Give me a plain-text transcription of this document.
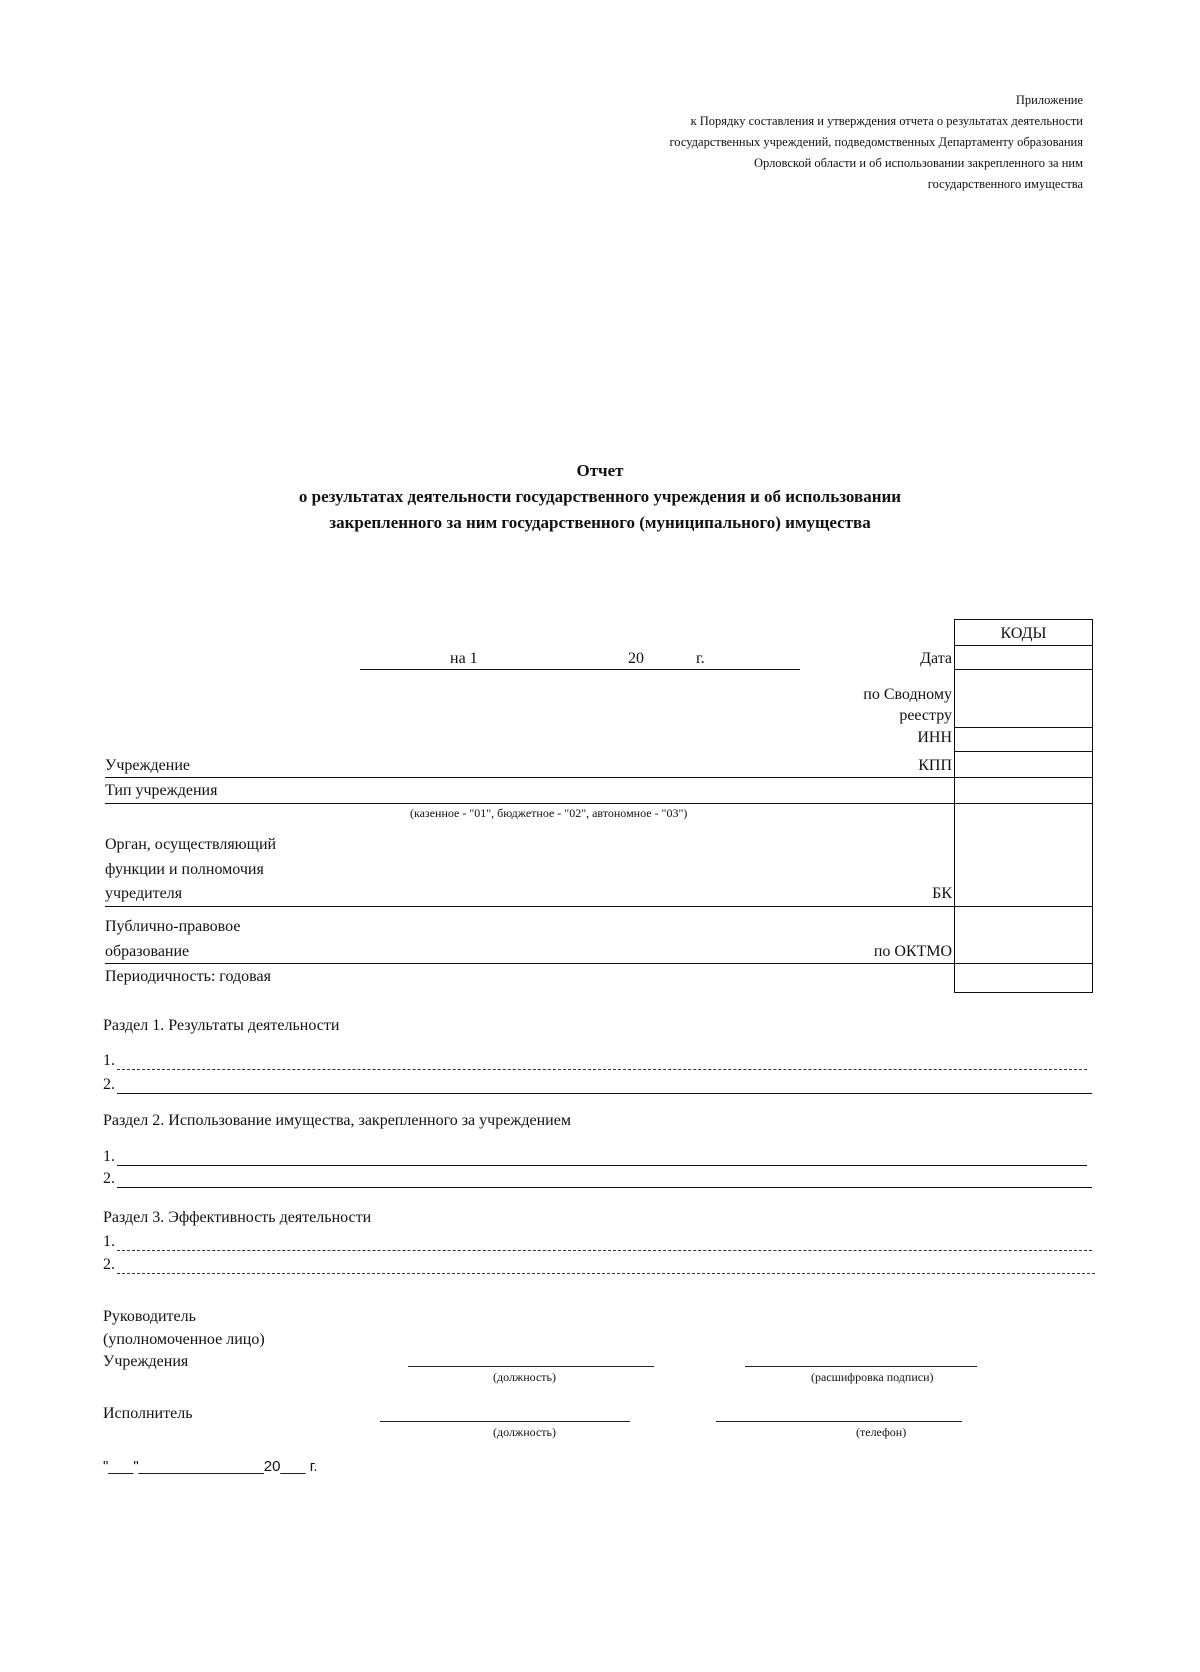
Приложение
к Порядку составления и утверждения отчета о результатах деятельности
государственных учреждений, подведомственных Департаменту образования
Орловской области и об использовании закрепленного за ним
государственного имущества
Отчет
о результатах деятельности государственного учреждения и об использовании
закрепленного за ним государственного (муниципального) имущества
КОДЫ
Дата
по Сводному
реестру
ИНН
КПП
БК
по ОКТМО
на 1	20	г.
Учреждение
Тип учреждения
(казенное - "01", бюджетное - "02", автономное - "03")
Орган, осуществляющий
функции и полномочия
учредителя
Публично-правовое
образование
Периодичность: годовая
Раздел 1. Результаты деятельности
1.
2.
Раздел 2. Использование имущества, закрепленного за учреждением
1.
2.
Раздел 3. Эффективность деятельности
1.
2.
Руководитель
(уполномоченное лицо)
Учреждения
(должность)	(расшифровка подписи)
Исполнитель
(должность)	(телефон)
"___"_______________20___ г.
